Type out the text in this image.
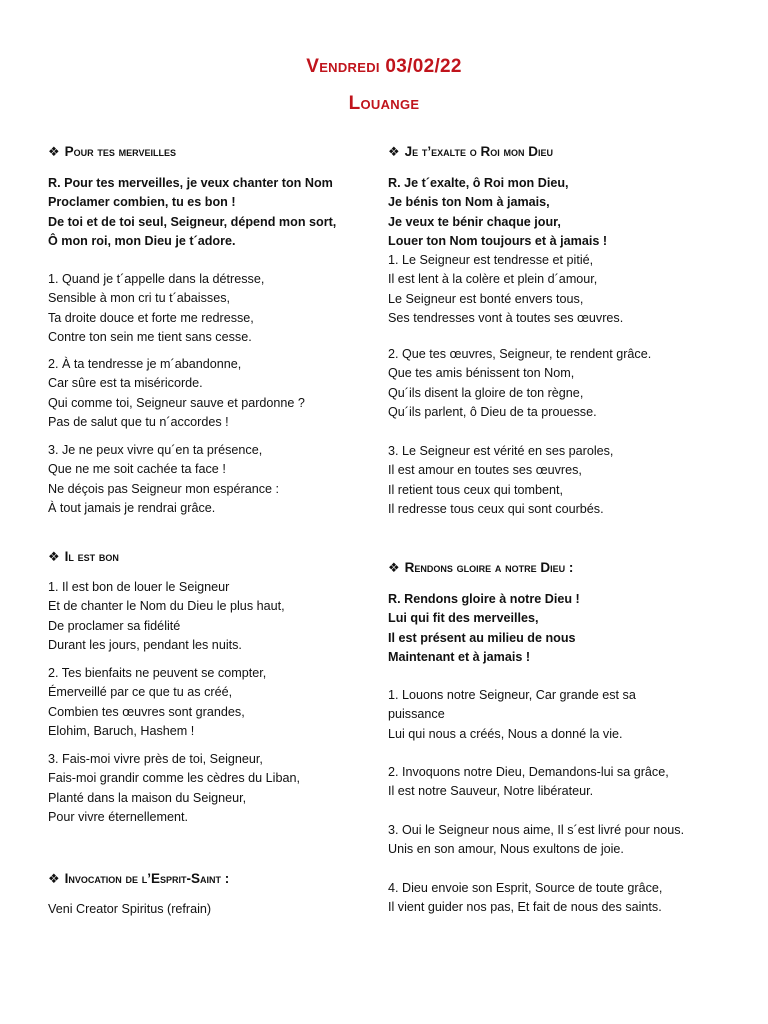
Vendredi 03/02/22
Louange
❖ Pour tes merveilles
R. Pour tes merveilles, je veux chanter ton Nom
Proclamer combien, tu es bon !
De toi et de toi seul, Seigneur, dépend mon sort,
Ô mon roi, mon Dieu je t´adore.
1. Quand je t´appelle dans la détresse,
Sensible à mon cri tu t´abaisses,
Ta droite douce et forte me redresse,
Contre ton sein me tient sans cesse.
2. À ta tendresse je m´abandonne,
Car sûre est ta miséricorde.
Qui comme toi, Seigneur sauve et pardonne ?
Pas de salut que tu n´accordes !
3. Je ne peux vivre qu´en ta présence,
Que ne me soit cachée ta face !
Ne déçois pas Seigneur mon espérance :
À tout jamais je rendrai grâce.
❖ Il est bon
1. Il est bon de louer le Seigneur
Et de chanter le Nom du Dieu le plus haut,
De proclamer sa fidélité
Durant les jours, pendant les nuits.
2. Tes bienfaits ne peuvent se compter,
Émerveillé par ce que tu as créé,
Combien tes œuvres sont grandes,
Elohim, Baruch, Hashem !
3. Fais-moi vivre près de toi, Seigneur,
Fais-moi grandir comme les cèdres du Liban,
Planté dans la maison du Seigneur,
Pour vivre éternellement.
❖ Invocation de l’Esprit-Saint :
Veni Creator Spiritus (refrain)
❖ Je t’exalte o Roi mon Dieu
R. Je t´exalte, ô Roi mon Dieu,
Je bénis ton Nom à jamais,
Je veux te bénir chaque jour,
Louer ton Nom toujours et à jamais !
1. Le Seigneur est tendresse et pitié,
Il est lent à la colère et plein d´amour,
Le Seigneur est bonté envers tous,
Ses tendresses vont à toutes ses œuvres.
2. Que tes œuvres, Seigneur, te rendent grâce.
Que tes amis bénissent ton Nom,
Qu´ils disent la gloire de ton règne,
Qu´ils parlent, ô Dieu de ta prouesse.
3. Le Seigneur est vérité en ses paroles,
Il est amour en toutes ses œuvres,
Il retient tous ceux qui tombent,
Il redresse tous ceux qui sont courbés.
❖ Rendons gloire a notre Dieu :
R. Rendons gloire à notre Dieu !
Lui qui fit des merveilles,
Il est présent au milieu de nous
Maintenant et à jamais !
1. Louons notre Seigneur, Car grande est sa
puissance
Lui qui nous a créés, Nous a donné la vie.
2. Invoquons notre Dieu, Demandons-lui sa grâce,
Il est notre Sauveur, Notre libérateur.
3. Oui le Seigneur nous aime, Il s´est livré pour nous.
Unis en son amour, Nous exultons de joie.
4. Dieu envoie son Esprit, Source de toute grâce,
Il vient guider nos pas, Et fait de nous des saints.
